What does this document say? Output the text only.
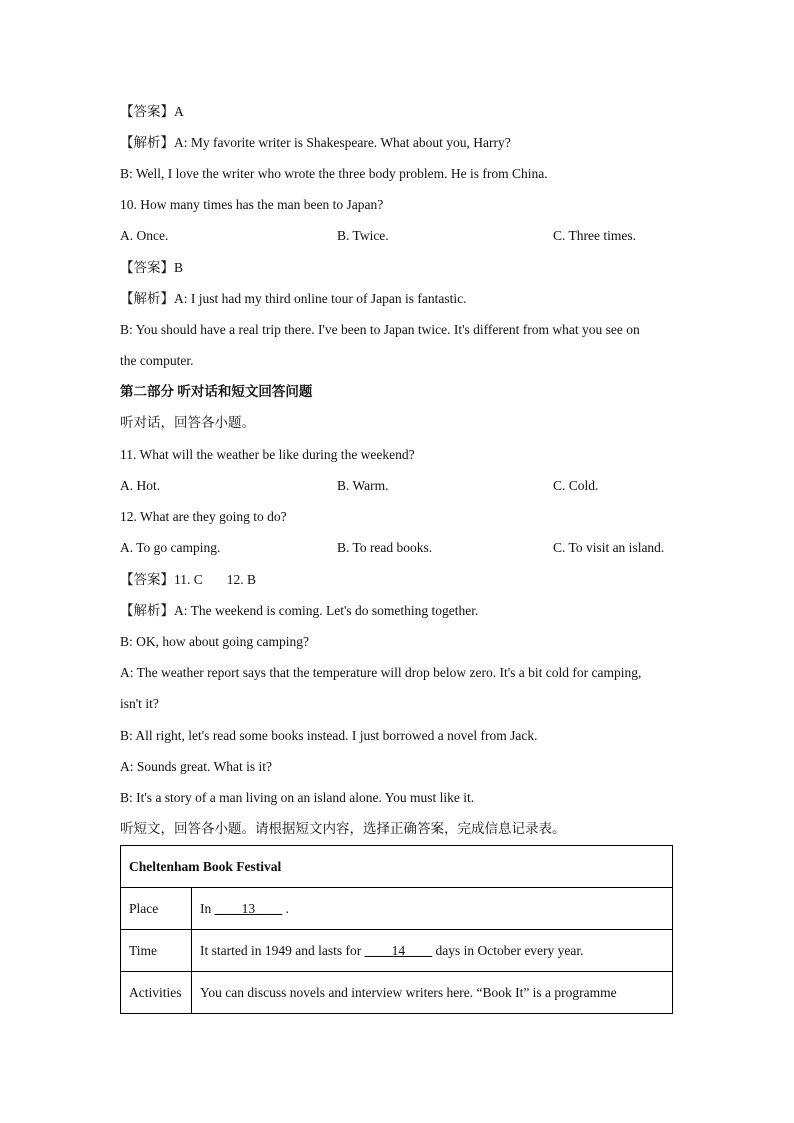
【答案】A
【解析】A: My favorite writer is Shakespeare. What about you, Harry?
B: Well, I love the writer who wrote the three body problem. He is from China.
10. How many times has the man been to Japan?
A. Once.	B. Twice.	C. Three times.
【答案】B
【解析】A: I just had my third online tour of Japan is fantastic.
B: You should have a real trip there. I've been to Japan twice. It's different from what you see on
the computer.
第二部分 听对话和短文回答问题
听对话，回答各小题。
11. What will the weather be like during the weekend?
A. Hot.	B. Warm.	C. Cold.
12. What are they going to do?
A. To go camping.	B. To read books.	C. To visit an island.
【答案】11. C 12. B
【解析】A: The weekend is coming. Let's do something together.
B: OK, how about going camping?
A: The weather report says that the temperature will drop below zero. It's a bit cold for camping,
isn't it?
B: All right, let's read some books instead. I just borrowed a novel from Jack.
A: Sounds great. What is it?
B: It's a story of a man living on an island alone. You must like it.
听短文，回答各小题。请根据短文内容，选择正确答案，完成信息记录表。
Cheltenham Book Festival	
Place	In ____13____ .
Time	It started in 1949 and lasts for ____14____ days in October every year.
Activities	You can discuss novels and interview writers here. “Book It” is a programme
